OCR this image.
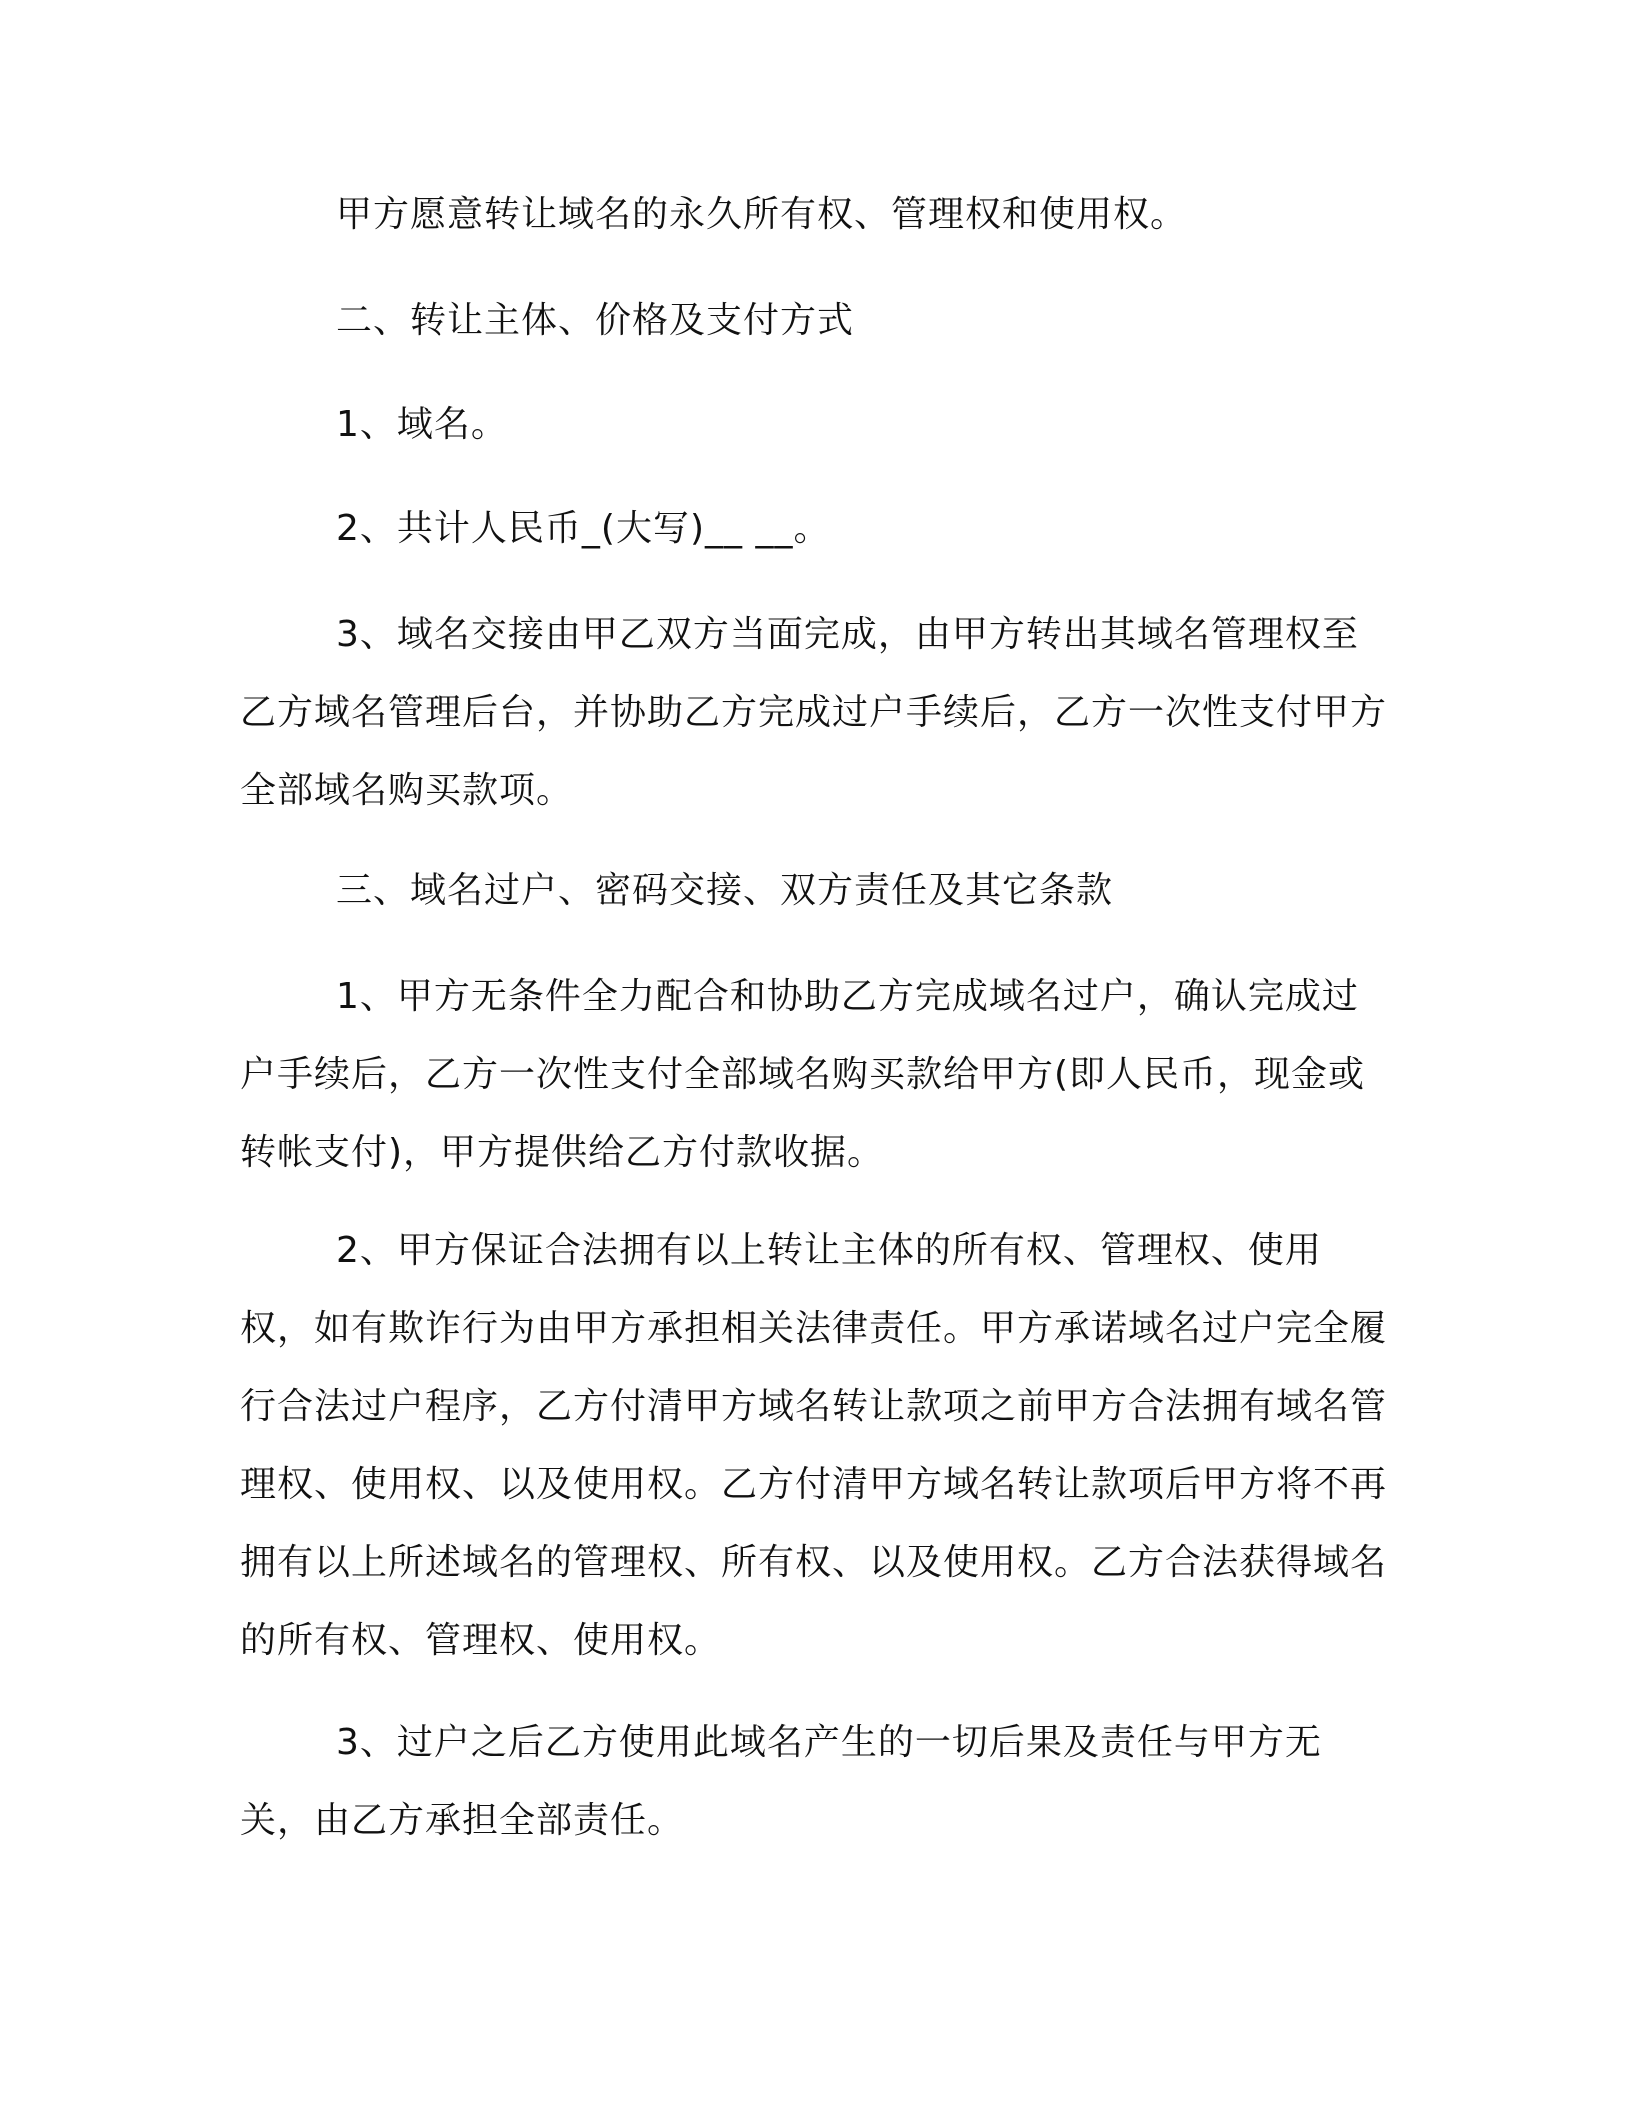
甲方愿意转让域名的永久所有权、管理权和使用权。

二、转让主体、价格及支付方式

1、域名。

2、共计人民币_(大写)__ __。

3、域名交接由甲乙双方当面完成，由甲方转出其域名管理权至乙方域名管理后台，并协助乙方完成过户手续后，乙方一次性支付甲方全部域名购买款项。

三、域名过户、密码交接、双方责任及其它条款

1、甲方无条件全力配合和协助乙方完成域名过户，确认完成过户手续后，乙方一次性支付全部域名购买款给甲方(即人民币，现金或转帐支付)，甲方提供给乙方付款收据。

2、甲方保证合法拥有以上转让主体的所有权、管理权、使用权，如有欺诈行为由甲方承担相关法律责任。甲方承诺域名过户完全履行合法过户程序，乙方付清甲方域名转让款项之前甲方合法拥有域名管理权、使用权、以及使用权。乙方付清甲方域名转让款项后甲方将不再拥有以上所述域名的管理权、所有权、以及使用权。乙方合法获得域名的所有权、管理权、使用权。

3、过户之后乙方使用此域名产生的一切后果及责任与甲方无关，由乙方承担全部责任。
